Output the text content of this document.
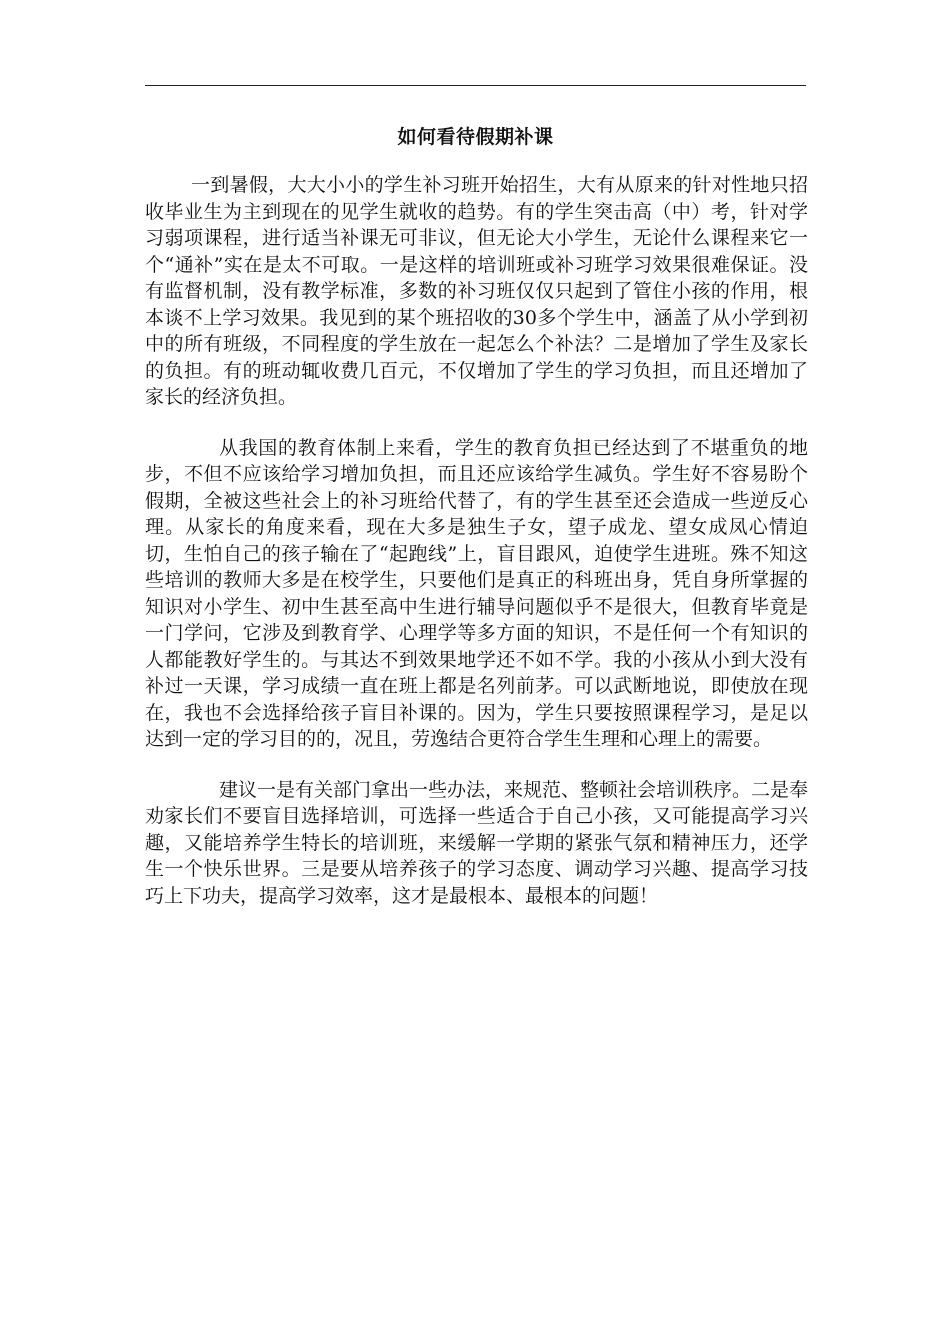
如何看待假期补课

一到暑假，大大小小的学生补习班开始招生，大有从原来的针对性地只招收毕业生为主到现在的见学生就收的趋势。有的学生突击高（中）考，针对学习弱项课程，进行适当补课无可非议，但无论大小学生，无论什么课程来它一个“通补”实在是太不可取。一是这样的培训班或补习班学习效果很难保证。没有监督机制，没有教学标准，多数的补习班仅仅只起到了管住小孩的作用，根本谈不上学习效果。我见到的某个班招收的30多个学生中，涵盖了从小学到初中的所有班级，不同程度的学生放在一起怎么个补法？二是增加了学生及家长的负担。有的班动辄收费几百元，不仅增加了学生的学习负担，而且还增加了家长的经济负担。

从我国的教育体制上来看，学生的教育负担已经达到了不堪重负的地步，不但不应该给学习增加负担，而且还应该给学生减负。学生好不容易盼个假期，全被这些社会上的补习班给代替了，有的学生甚至还会造成一些逆反心理。从家长的角度来看，现在大多是独生子女，望子成龙、望女成凤心情迫切，生怕自己的孩子输在了“起跑线”上，盲目跟风，迫使学生进班。殊不知这些培训的教师大多是在校学生，只要他们是真正的科班出身，凭自身所掌握的知识对小学生、初中生甚至高中生进行辅导问题似乎不是很大，但教育毕竟是一门学问，它涉及到教育学、心理学等多方面的知识，不是任何一个有知识的人都能教好学生的。与其达不到效果地学还不如不学。我的小孩从小到大没有补过一天课，学习成绩一直在班上都是名列前茅。可以武断地说，即使放在现在，我也不会选择给孩子盲目补课的。因为，学生只要按照课程学习，是足以达到一定的学习目的的，况且，劳逸结合更符合学生生理和心理上的需要。

建议一是有关部门拿出一些办法，来规范、整顿社会培训秩序。二是奉劝家长们不要盲目选择培训，可选择一些适合于自己小孩，又可能提高学习兴趣，又能培养学生特长的培训班，来缓解一学期的紧张气氛和精神压力，还学生一个快乐世界。三是要从培养孩子的学习态度、调动学习兴趣、提高学习技巧上下功夫，提高学习效率，这才是最根本、最根本的问题！
